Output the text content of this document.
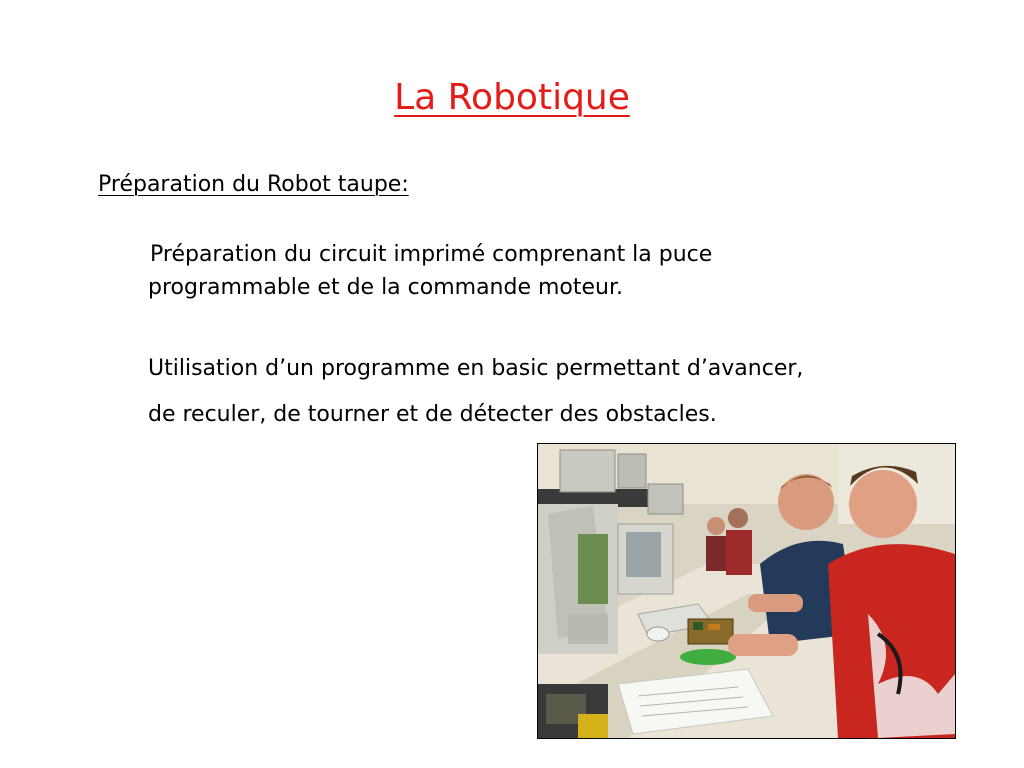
La Robotique

Préparation du Robot taupe:

Préparation du circuit imprimé comprenant la puce
programmable et de la commande moteur.

Utilisation d’un programme en basic permettant d’avancer,
de reculer, de tourner et de détecter des obstacles.
